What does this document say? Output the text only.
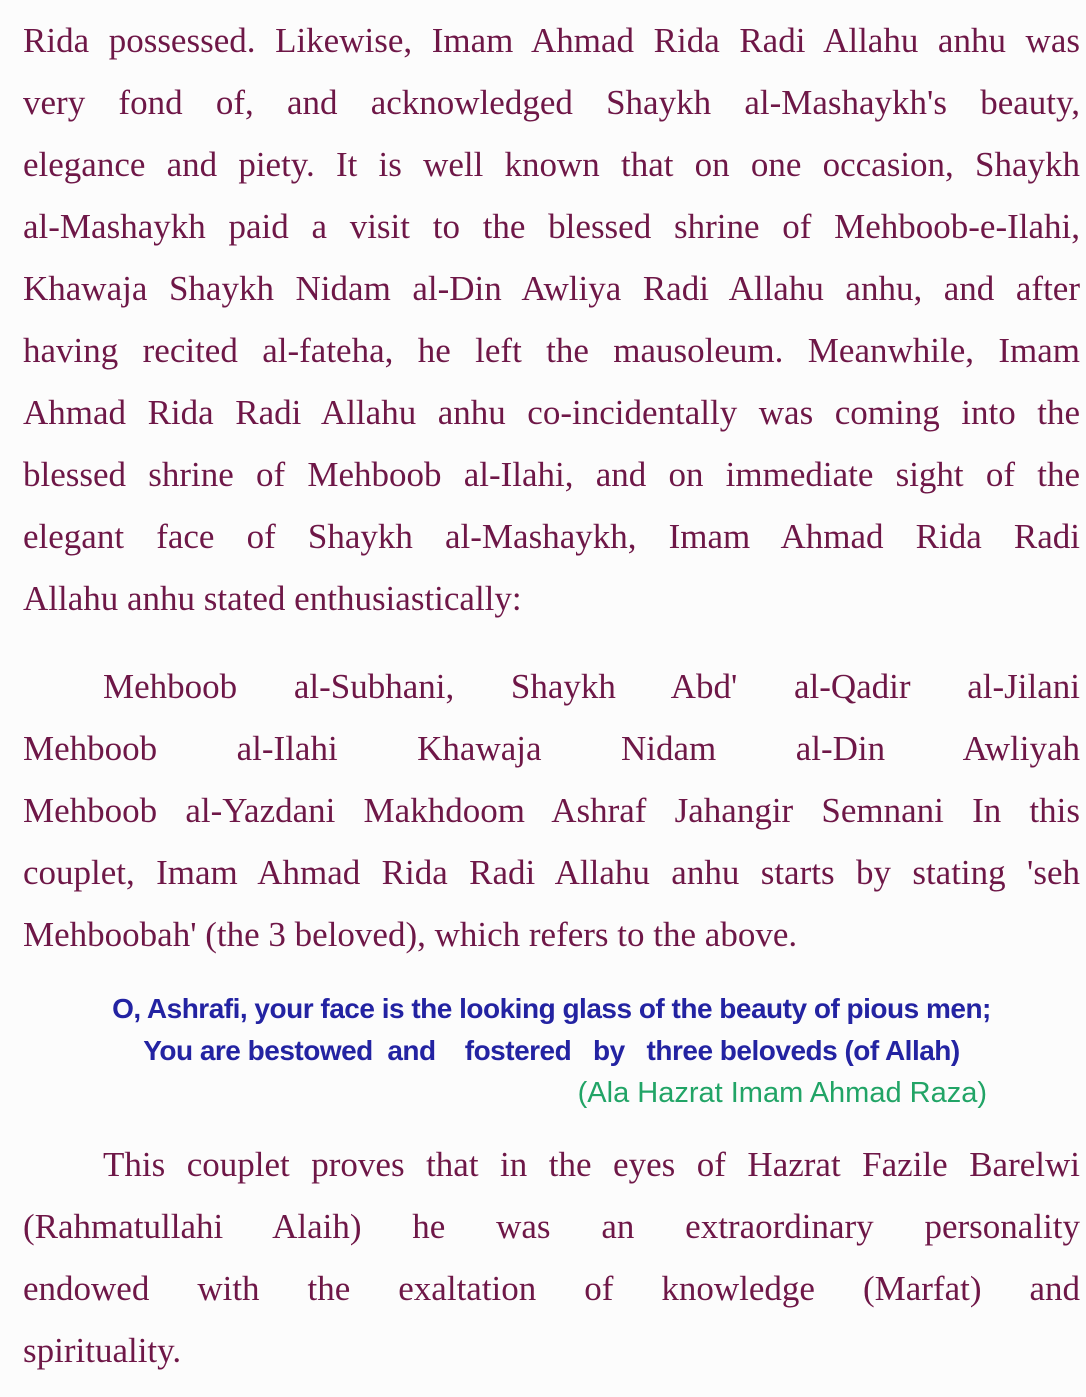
Rida possessed. Likewise, Imam Ahmad Rida Radi Allahu anhu was
very fond of, and acknowledged Shaykh al-Mashaykh's beauty,
elegance and piety. It is well known that on one occasion, Shaykh
al-Mashaykh paid a visit to the blessed shrine of Mehboob-e-Ilahi,
Khawaja Shaykh Nidam al-Din Awliya Radi Allahu anhu, and after
having recited al-fateha, he left the mausoleum. Meanwhile, Imam
Ahmad Rida Radi Allahu anhu co-incidentally was coming into the
blessed shrine of Mehboob al-Ilahi, and on immediate sight of the
elegant face of Shaykh al-Mashaykh, Imam Ahmad Rida Radi
Allahu anhu stated enthusiastically:
Mehboob al-Subhani, Shaykh Abd' al-Qadir al-Jilani
Mehboob al-Ilahi Khawaja Nidam al-Din Awliyah
Mehboob al-Yazdani Makhdoom Ashraf Jahangir Semnani In this
couplet, Imam Ahmad Rida Radi Allahu anhu starts by stating 'seh
Mehboobah' (the 3 beloved), which refers to the above.
O, Ashrafi, your face is the looking glass of the beauty of pious men;
You are bestowed  and    fostered   by   three beloveds (of Allah)
(Ala Hazrat Imam Ahmad Raza)
This couplet proves that in the eyes of Hazrat Fazile Barelwi
(Rahmatullahi Alaih) he was an extraordinary personality
endowed with the exaltation of knowledge (Marfat) and
spirituality.
